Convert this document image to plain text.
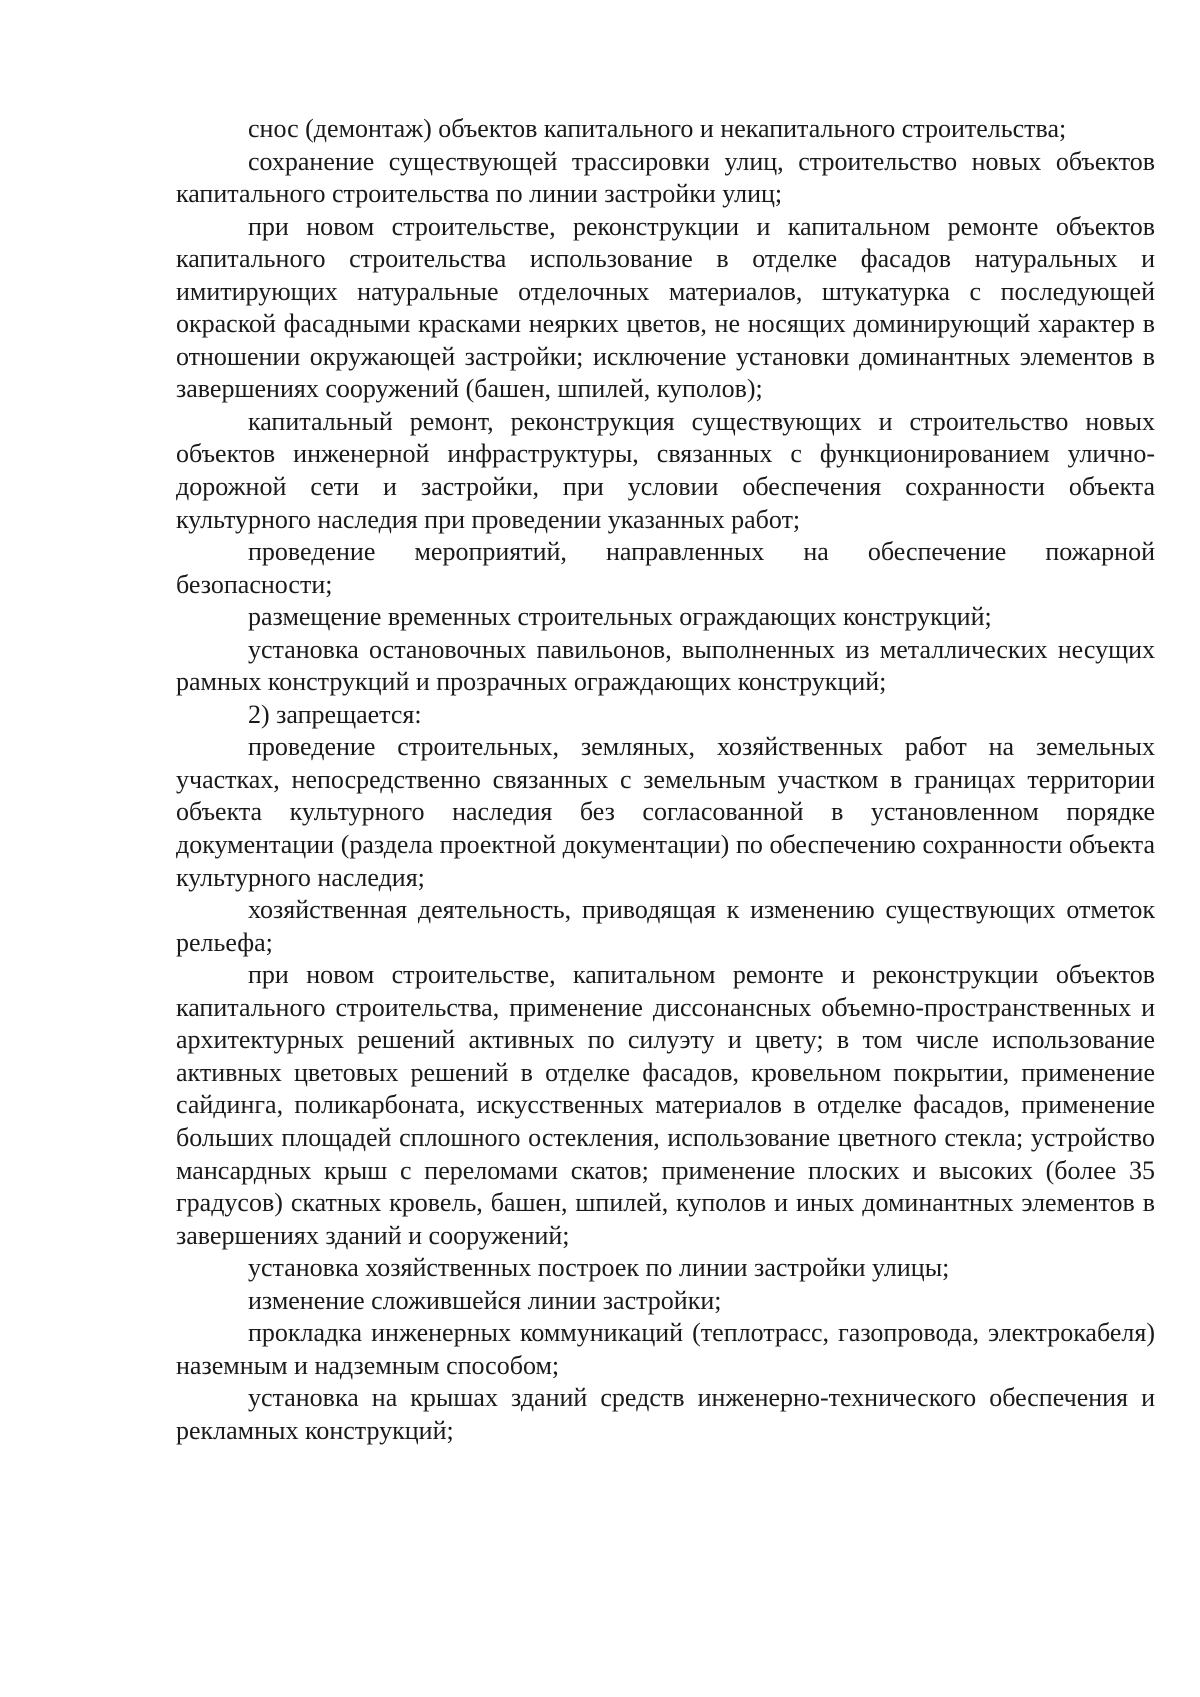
снос (демонтаж) объектов капитального и некапитального строительства;

сохранение существующей трассировки улиц, строительство новых объектов капитального строительства по линии застройки улиц;

при новом строительстве, реконструкции и капитальном ремонте объектов капитального строительства использование в отделке фасадов натуральных и имитирующих натуральные отделочных материалов, штукатурка с последующей окраской фасадными красками неярких цветов, не носящих доминирующий характер в отношении окружающей застройки; исключение установки доминантных элементов в завершениях сооружений (башен, шпилей, куполов);

капитальный ремонт, реконструкция существующих и строительство новых объектов инженерной инфраструктуры, связанных с функционированием улично-дорожной сети и застройки, при условии обеспечения сохранности объекта культурного наследия при проведении указанных работ;

проведение мероприятий, направленных на обеспечение пожарной безопасности;

размещение временных строительных ограждающих конструкций;

установка остановочных павильонов, выполненных из металлических несущих рамных конструкций и прозрачных ограждающих конструкций;

2) запрещается:

проведение строительных, земляных, хозяйственных работ на земельных участках, непосредственно связанных с земельным участком в границах территории объекта культурного наследия без согласованной в установленном порядке документации (раздела проектной документации) по обеспечению сохранности объекта культурного наследия;

хозяйственная деятельность, приводящая к изменению существующих отметок рельефа;

при новом строительстве, капитальном ремонте и реконструкции объектов капитального строительства, применение диссонансных объемно-пространственных и архитектурных решений активных по силуэту и цвету; в том числе использование активных цветовых решений в отделке фасадов, кровельном покрытии, применение сайдинга, поликарбоната, искусственных материалов в отделке фасадов, применение больших площадей сплошного остекления, использование цветного стекла; устройство мансардных крыш с переломами скатов; применение плоских и высоких (более 35 градусов) скатных кровель, башен, шпилей, куполов и иных доминантных элементов в завершениях зданий и сооружений;

установка хозяйственных построек по линии застройки улицы;

изменение сложившейся линии застройки;

прокладка инженерных коммуникаций (теплотрасс, газопровода, электрокабеля) наземным и надземным способом;

установка на крышах зданий средств инженерно-технического обеспечения и рекламных конструкций;
